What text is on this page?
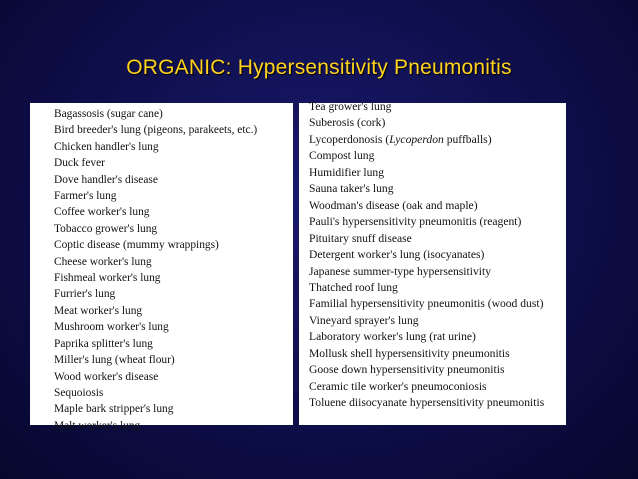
ORGANIC: Hypersensitivity Pneumonitis
Bagassosis (sugar cane)
Bird breeder's lung (pigeons, parakeets, etc.)
Chicken handler's lung
Duck fever
Dove handler's disease
Farmer's lung
Coffee worker's lung
Tobacco grower's lung
Coptic disease (mummy wrappings)
Cheese worker's lung
Fishmeal worker's lung
Furrier's lung
Meat worker's lung
Mushroom worker's lung
Paprika splitter's lung
Miller's lung (wheat flour)
Wood worker's disease
Sequoiosis
Maple bark stripper's lung
Malt worker's lung
Tea grower's lung
Suberosis (cork)
Lycoperdonosis (Lycoperdon puffballs)
Compost lung
Humidifier lung
Sauna taker's lung
Woodman's disease (oak and maple)
Pauli's hypersensitivity pneumonitis (reagent)
Pituitary snuff disease
Detergent worker's lung (isocyanates)
Japanese summer-type hypersensitivity
Thatched roof lung
Familial hypersensitivity pneumonitis (wood dust)
Vineyard sprayer's lung
Laboratory worker's lung (rat urine)
Mollusk shell hypersensitivity pneumonitis
Goose down hypersensitivity pneumonitis
Ceramic tile worker's pneumoconiosis
Toluene diisocyanate hypersensitivity pneumonitis
